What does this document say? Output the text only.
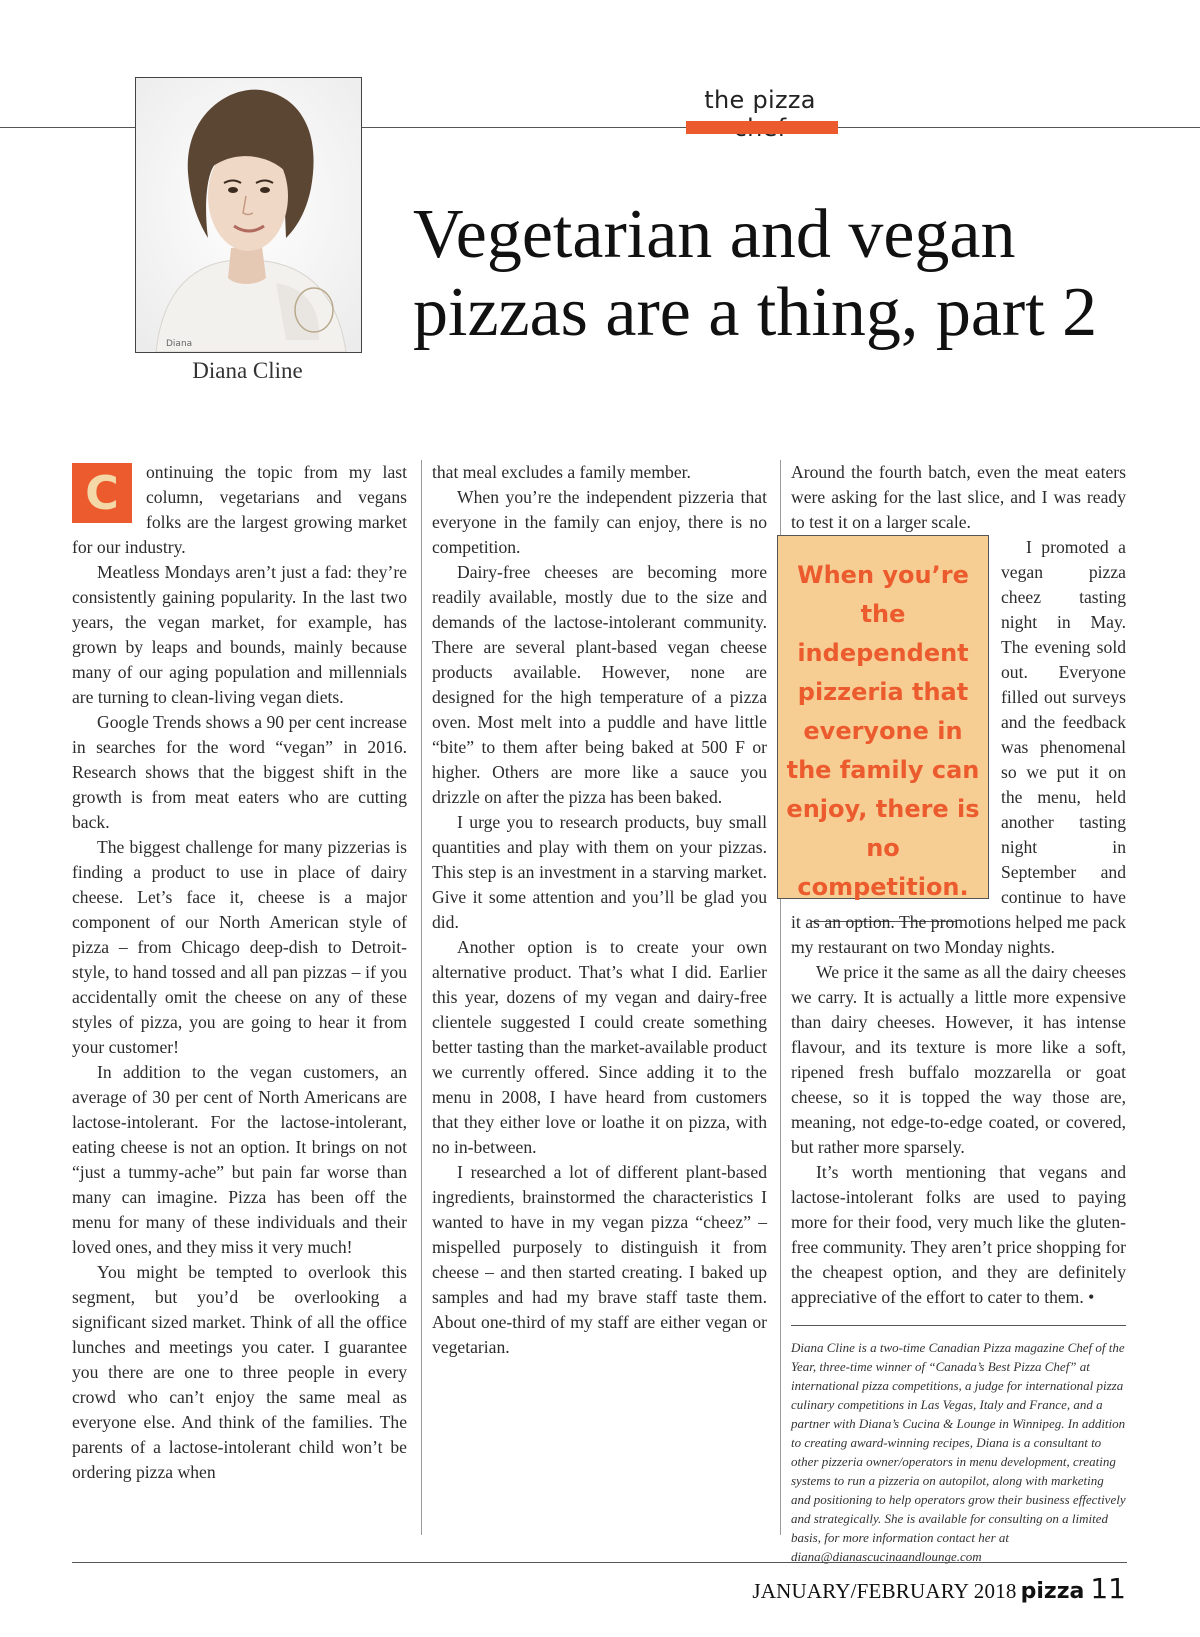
the pizza
Diana
Diana Cline
Vegetarian and vegan pizzas are a thing, part 2

C	ontinuing the topic from my last column, vegetarians and vegans folks are the largest growing market for our industry.

Meatless Mondays aren’t just a fad: they’re consistently gaining popularity. In the last two years, the vegan market, for example, has grown by leaps and bounds, mainly because many of our aging population and millennials are turning to clean-living vegan diets.

Google Trends shows a 90 per cent increase in searches for the word “vegan” in 2016. Research shows that the biggest shift in the growth is from meat eaters who are cutting back.

The biggest challenge for many pizzerias is finding a product to use in place of dairy cheese. Let’s face it, cheese is a major component of our North American style of pizza – from Chicago deep-dish to Detroit-style, to hand tossed and all pan pizzas – if you accidentally omit the cheese on any of these styles of pizza, you are going to hear it from your customer!

In addition to the vegan customers, an average of 30 per cent of North Americans are lactose-intolerant. For the lactose-intolerant, eating cheese is not an option. It brings on not “just a tummy-ache” but pain far worse than many can imagine. Pizza has been off the menu for many of these individuals and their loved ones, and they miss it very much!

You might be tempted to overlook this segment, but you’d be overlooking a significant sized market. Think of all the office lunches and meetings you cater. I guarantee you there are one to three people in every crowd who can’t enjoy the same meal as everyone else. And think of the families. The parents of a lactose-intolerant child won’t be ordering pizza when

that meal excludes a family member.

When you’re the independent pizzeria that everyone in the family can enjoy, there is no competition.

Dairy-free cheeses are becoming more readily available, mostly due to the size and demands of the lactose-intolerant community. There are several plant-based vegan cheese products available. However, none are designed for the high temperature of a pizza oven. Most melt into a puddle and have little “bite” to them after being baked at 500 F or higher. Others are more like a sauce you drizzle on after the pizza has been baked.

I urge you to research products, buy small quantities and play with them on your pizzas. This step is an investment in a starving market. Give it some attention and you’ll be glad you did.

Another option is to create your own alternative product. That’s what I did. Earlier this year, dozens of my vegan and dairy-free clientele suggested I could create something better tasting than the market-available product we currently offered. Since adding it to the menu in 2008, I have heard from customers that they either love or loathe it on pizza, with no in-between.

I researched a lot of different plant-based ingredients, brainstormed the characteristics I wanted to have in my vegan pizza “cheez” – mispelled purposely to distinguish it from cheese – and then started creating. I baked up samples and had my brave staff taste them. About one-third of my staff are either vegan or vegetarian.

Around the fourth batch, even the meat eaters were asking for the last slice, and I was ready to test it on a larger scale.

When you’re the independent pizzeria that everyone in the family can enjoy, there is no competition.

I promoted a vegan pizza cheez tasting night in May. The evening sold out. Everyone filled out surveys and the feedback was phenomenal so we put it on the menu, held another tasting night in September and continue to have it as an option. The promotions helped me pack my restaurant on two Monday nights.

We price it the same as all the dairy cheeses we carry. It is actually a little more expensive than dairy cheeses. However, it has intense flavour, and its texture is more like a soft, ripened fresh buffalo mozzarella or goat cheese, so it is topped the way those are, meaning, not edge-to-edge coated, or covered, but rather more sparsely.

It’s worth mentioning that vegans and lactose-intolerant folks are used to paying more for their food, very much like the gluten-free community. They aren’t price shopping for the cheapest option, and they are definitely appreciative of the effort to cater to them. •

Diana Cline is a two-time Canadian Pizza magazine Chef of the Year, three-time winner of “Canada’s Best Pizza Chef” at international pizza competitions, a judge for international pizza culinary competitions in Las Vegas, Italy and France, and a partner with Diana’s Cucina & Lounge in Winnipeg. In addition to creating award-winning recipes, Diana is a consultant to other pizzeria owner/operators in menu development, creating systems to run a pizzeria on autopilot, along with marketing and positioning to help operators grow their business effectively and strategically. She is available for consulting on a limited basis, for more information contact her at diana@dianascucinaandlounge.com

JANUARY/FEBRUARY 2018 pizza 11
